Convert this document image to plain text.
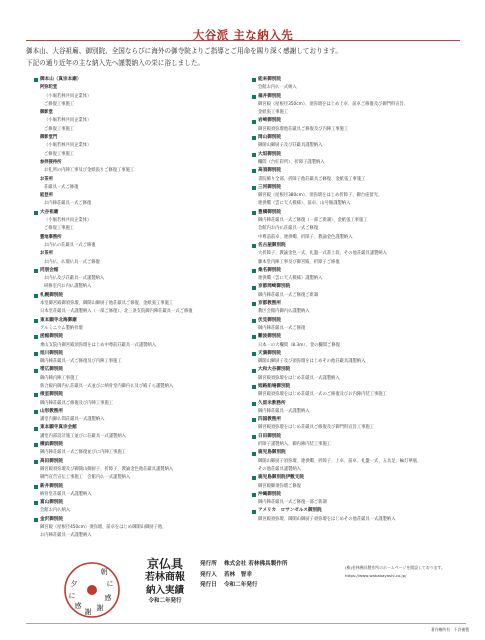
大谷派 主な納入先
御本山、大谷祖廟、御別院、全国ならびに海外の御寺院よりご指導とご用命を賜り深く感謝しております。
下記の通り近年の主な納入先へ謹製納入の栄に浴しました。
御本山（真宗本廟）
阿弥陀堂
（小堀若林共同企業体）
ご修復工事施工
御影堂
（小堀若林共同企業体）
ご修復工事施工
御影堂門
（小堀若林共同企業体）
ご修復工事施工
参拝接待所
お礼所の内陣工事及び金紙張りご修復工事施工
お茶所
荘厳具一式ご修復
能登所
お内陣荘厳具一式ご修復
大谷祖廟
（小堀若林共同企業体）
ご修復工事施工
霊地事務所
お内仏の荘厳具一式ご修復
お茶所
お内仏、仏壇仏具一式ご修復
同朋会館
お内仏及び荘厳具一式謹製納入
研修室内お内仏謹製納入
札幌御別院
本堂御宮殿御須弥壇、御開山御厨子他荘厳具ご修復、金紙張工事施工
日本堂荘厳具一式謹製納入（一部ご修復）、北三条支院御内陣荘厳具一式ご修復
東本願寺北海御廟
アルミニウム製納骨壇
函館御別院
乗山支院内御宮殿須弥壇をはじめ中尊前荘厳具一式謹製納入
旭川御別院
御内陣荘厳具一式ご修復及び内陣工事施工
帯広御別院
御内陣内陣工事施工
新合殿内御内仏荘厳具一式並びに納骨堂内御内仏及び殿子ら謹製納入
根室御別院
御内陣荘厳具ご修復及び内陣工事施工
山形教務所
講堂内御仏間荘厳具一式謹製納入
東本願寺真宗会館
講堂内部設計施工並びに荘厳具一式謹製納入
横浜御別院
御内陣荘厳具一式ご修復並びに内陣工事施工
高田御別院
御宮殿須弥壇及び御開山御厨子、折障子、教諭金色他荘厳具謹製納入
御門宣告宣伝工事施工　会館内仏一式謹製納入
新井御別院
納骨堂荘厳具一式謹製納入
富山御別院
会館お内仏納入
金沢御別院
御宮殿（屋根径450cm）須弥壇、前卓をはじめ御開山御厨子他、
お内陣荘厳具一式謹製納入
能来御別院
会館お内仏一式納入
福井御別院
御宮殿（屋根径350cm）、須弥壇をはじめ上卓、前卓ご修復及び御門料宣旨、
金紙張工事施工
岩崎御別院
御宮殿須弥壇他荘厳具ご修復及び内陣工事施工
岡山御別院
御開山御厨子及び荘厳具謹製納入
大垣御別院
欄間（台紅彩所）、折障子謹製納入
高須御別院
書院飾り全部、折障子他荘厳具ご修復、金紙張工事施工
三河御別院
御宮殿（屋根径380cm）、須弥壇をはじめ折障子、御台座留光、
連供燭（雲に天人模様）、前卓、山号額謹製納入
豊橋御別院
御内陣荘厳具一式ご修復（一部ご新調）、金紙張工事施工
会館内お内仏荘厳具一式ご修復
中尊前前卓、連供燭、折障子、教諭金色謹製納入
名古屋御別院
大折障子、教諭金色一式、礼盤一式書上段、その他荘厳具謹製納入
藤本堂内陣工事及び御宮殿、折障子ご修復
桑名御別院
連供燭（雲に天人模様）謹製納入
京都岡崎御別院
御内陣荘厳具一式ご修復ご新調
京都教務所
教区会館内御内仏謹製納入
伏見御別院
御内陣荘厳具一式ご修復
難波御別院
日本一の大欄間（8.3m）、金の欄間ご修復
天満御別院
御開山御厨子及び須弥壇をはじめその他荘厳具謹製納入
大和大谷御別院
御宮殿須弥壇をはじめ荘厳具一式謹製納入
姫路船場御別院
御宮殿須弥壇をはじめ荘厳具一式のご修復及びお内陣内装工事施工
久留米教務所
御内陣荘厳具一式謹製納入
四国教務所
御宮殿須弥壇をはじめ荘厳具ご修復及び御門料宣旨工事施工
日田御別院
折障子謹製納入、御内陣内装工事施工
鹿児島御別院
御開山御厨子須弥壇、連供燭、折障子、上卓、前卓、礼盤一式、五具足、輪灯華瓶、
その他荘厳具謹製納入
鹿児島御別院伊敷支院
御宮殿御須弥壇ご修復
沖縄御別院
御内陣荘厳具一式ご修復一部ご新調
アメリカ　ロサンゼルス御別院
御宮殿須弥壇、御開山御厨子須弥壇をはじめその他荘厳具一式謹製納入
朝
に
感
謝
夕
に
感
謝
京仏具
若林商報
納入実績
令和二年発行
発行所 株式会社 若林佛具製作所
発行人 若林　智幸
発行日 令和二年発行
(株)若林佛具製作所のホームページを開設しております。
https://www.wakabayashi.co.jp/
著作権所有　不許複製
